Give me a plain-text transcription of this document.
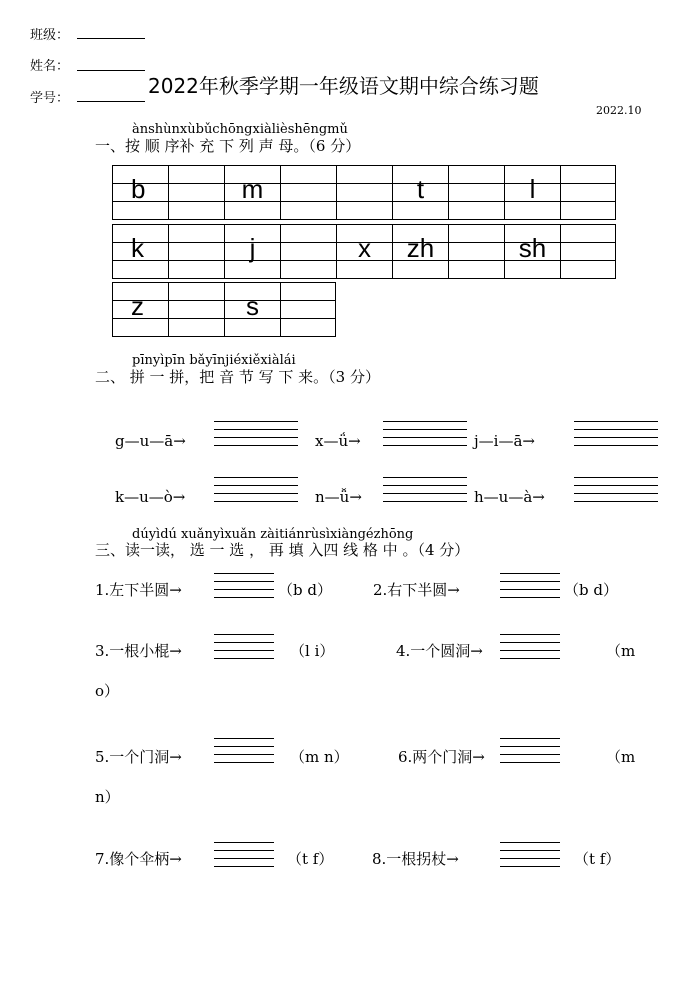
班级：
姓名：
学号：
2022年秋季学期一年级语文期中综合练习题
2022.10
ànshùnxùbǔchōngxiàlièshēngmǔ
一、按 顺 序补 充 下 列 声 母。（6 分）
b	m	t	l
k	j	x	zh	sh
z	s
pīnyìpīn bǎyīnjiéxiěxiàlái
二、 拼 一 拼，把 音 节 写 下 来。（3 分）
g—u—ā→	x—ǘ→	j—i—ā→
k—u—ò→	n—ǚ→	h—u—à→
dúyìdú xuǎnyìxuǎn zàitiánrùsìxiàngézhōng
三、读一读， 选 一 选 ， 再 填 入四 线 格 中 。（4 分）
1.左下半圆→	（b d）	2.右下半圆→	（b d）
3.一根小棍→	（l i）	4.一个圆洞→	（m
o）
5.一个门洞→	（m n）	6.两个门洞→	（m
n）
7.像个伞柄→	（t f）	8.一根拐杖→	（t f）
